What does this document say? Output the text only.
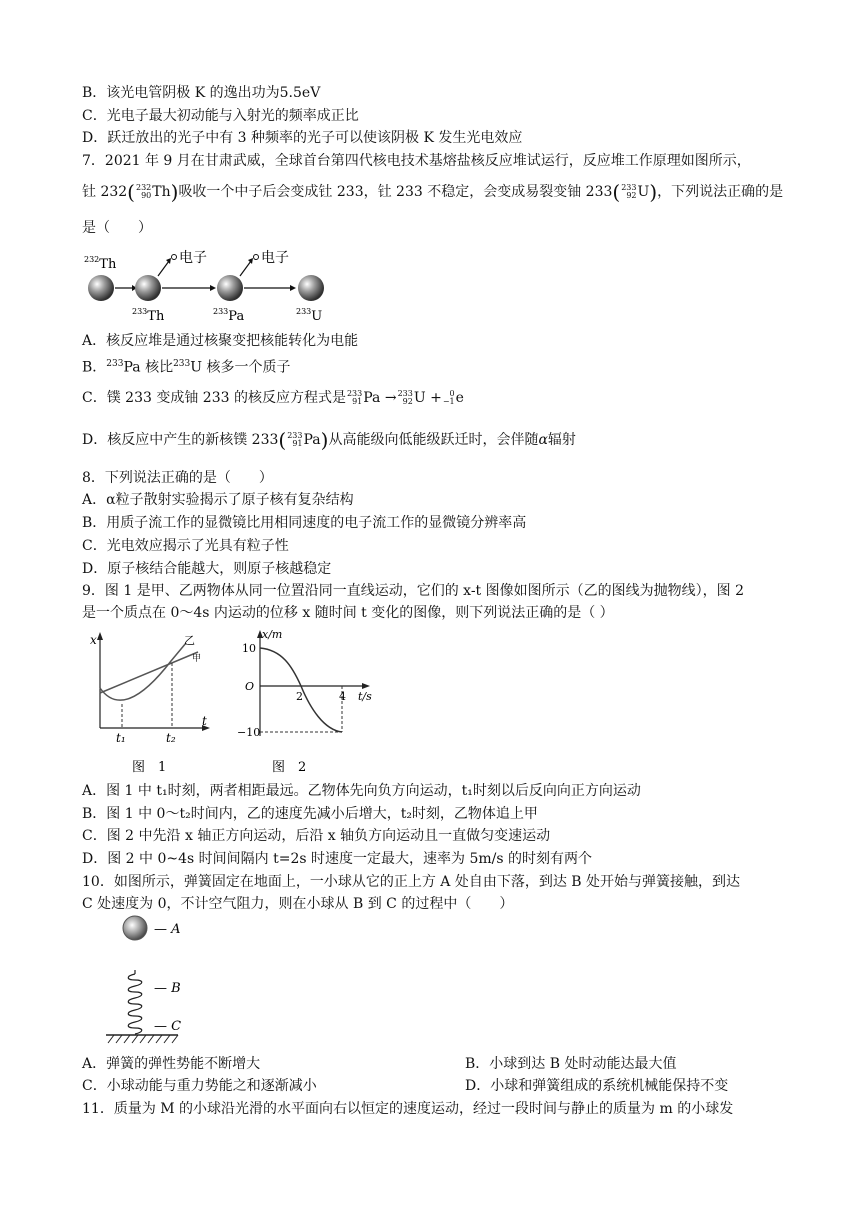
B．该光电管阴极 K 的逸出功为5.5eV
C．光电子最大初动能与入射光的频率成正比
D．跃迁放出的光子中有 3 种频率的光子可以使该阴极 K 发生光电效应
7．2021 年 9 月在甘肃武威，全球首台第四代核电技术基熔盐核反应堆试运行，反应堆工作原理如图所示，
钍 232( 232
90 Th)吸收一个中子后会变成钍 233，钍 233 不稳定，会变成易裂变铀 233( 233
92 U)，下列说法正确的是
是（　　）
$^{232}$Th	电子	电子
$^{233}$Th	$^{233}$Pa	$^{233}$U
A．核反应堆是通过核聚变把核能转化为电能
B．$^{233}$Pa 核比$^{233}$U 核多一个质子
C．镤 233 变成铀 233 的核反应方程式是 233
91 Pa → 233
92 U + 0
−1 e
D．核反应中产生的新核镤 233( 233
91 Pa)从高能级向低能级跃迁时，会伴随α辐射
8．下列说法正确的是（　　）
A．α粒子散射实验揭示了原子核有复杂结构
B．用质子流工作的显微镜比用相同速度的电子流工作的显微镜分辨率高
C．光电效应揭示了光具有粒子性
D．原子核结合能越大，则原子核越稳定
9．图 1 是甲、乙两物体从同一位置沿同一直线运动，它们的 x-t 图像如图所示（乙的图线为抛物线），图 2
是一个质点在 0～4s 内运动的位移 x 随时间 t 变化的图像，则下列说法正确的是（ ）
x
t
乙
甲
t₁	t₂
图　1
x/m
10
O
−10
2	4 t/s
图　2
A．图 1 中 t₁时刻，两者相距最远。乙物体先向负方向运动，t₁时刻以后反向向正方向运动
B．图 1 中 0～t₂时间内，乙的速度先减小后增大，t₂时刻，乙物体追上甲
C．图 2 中先沿 x 轴正方向运动，后沿 x 轴负方向运动且一直做匀变速运动
D．图 2 中 0~4s 时间间隔内 t=2s 时速度一定最大，速率为 5m/s 的时刻有两个
10．如图所示，弹簧固定在地面上，一小球从它的正上方 A 处自由下落，到达 B 处开始与弹簧接触，到达
C 处速度为 0，不计空气阻力，则在小球从 B 到 C 的过程中（　　）
— A
— B
— C
A．弹簧的弹性势能不断增大	B．小球到达 B 处时动能达最大值
C．小球动能与重力势能之和逐渐减小	D．小球和弹簧组成的系统机械能保持不变
11．质量为 M 的小球沿光滑的水平面向右以恒定的速度运动，经过一段时间与静止的质量为 m 的小球发
